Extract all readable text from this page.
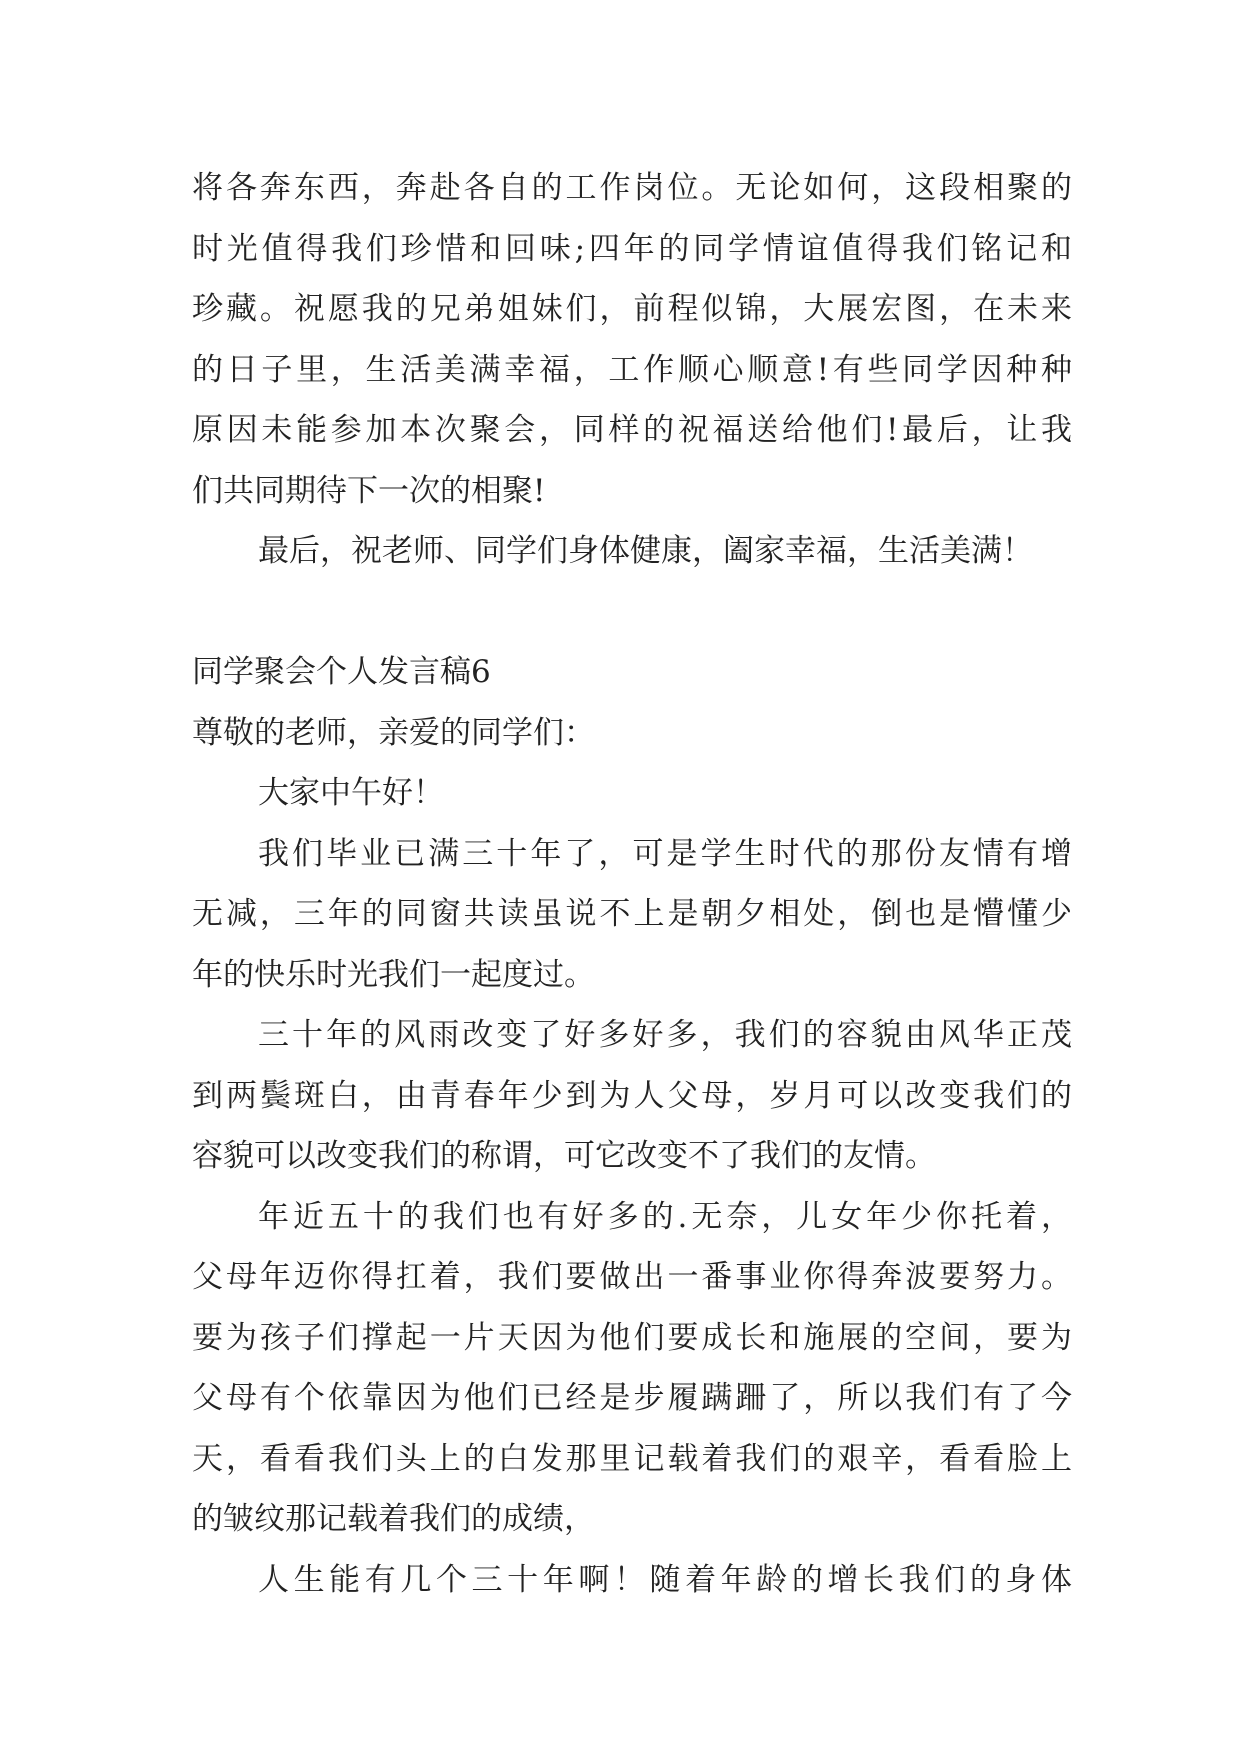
将各奔东西，奔赴各自的工作岗位。无论如何，这段相聚的
时光值得我们珍惜和回味;四年的同学情谊值得我们铭记和
珍藏。祝愿我的兄弟姐妹们，前程似锦，大展宏图，在未来
的日子里，生活美满幸福，工作顺心顺意!有些同学因种种
原因未能参加本次聚会，同样的祝福送给他们!最后，让我
们共同期待下一次的相聚!
最后，祝老师、同学们身体健康，阖家幸福，生活美满！
同学聚会个人发言稿6
尊敬的老师，亲爱的同学们：
大家中午好！
我们毕业已满三十年了，可是学生时代的那份友情有增
无减，三年的同窗共读虽说不上是朝夕相处，倒也是懵懂少
年的快乐时光我们一起度过。
三十年的风雨改变了好多好多，我们的容貌由风华正茂
到两鬓斑白，由青春年少到为人父母，岁月可以改变我们的
容貌可以改变我们的称谓，可它改变不了我们的友情。
年近五十的我们也有好多的.无奈，儿女年少你托着，
父母年迈你得扛着，我们要做出一番事业你得奔波要努力。
要为孩子们撑起一片天因为他们要成长和施展的空间，要为
父母有个依靠因为他们已经是步履蹒跚了，所以我们有了今
天，看看我们头上的白发那里记载着我们的艰辛，看看脸上
的皱纹那记载着我们的成绩，
人生能有几个三十年啊！随着年龄的增长我们的身体
